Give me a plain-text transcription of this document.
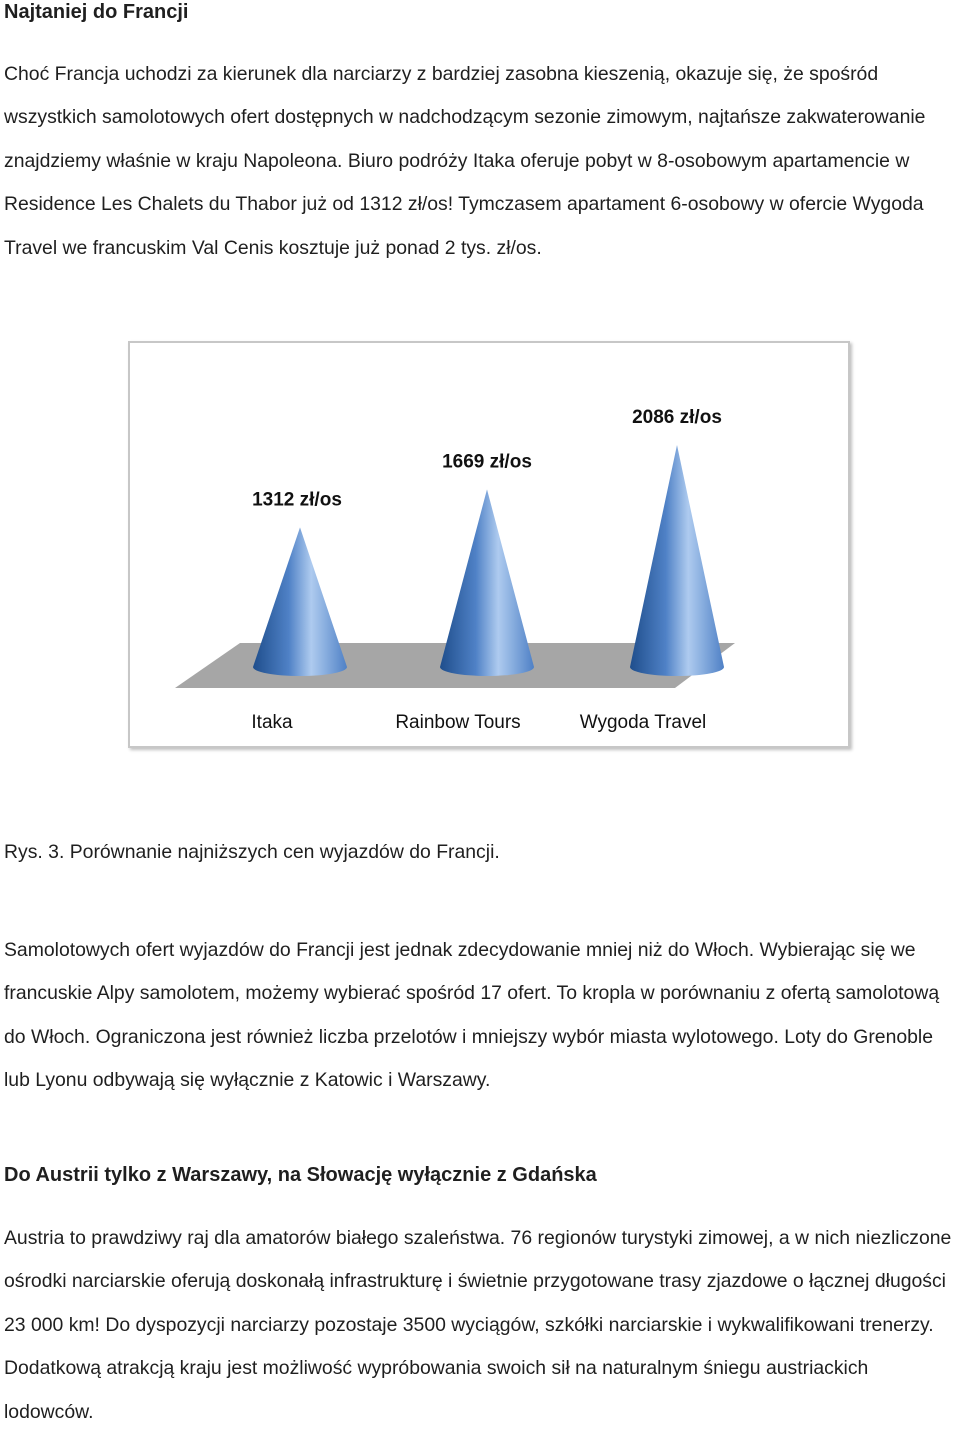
Najtaniej do Francji

Choć Francja uchodzi za kierunek dla narciarzy z bardziej zasobna kieszenią, okazuje się, że spośród wszystkich samolotowych ofert dostępnych w nadchodzącym sezonie zimowym, najtańsze zakwaterowanie znajdziemy właśnie w kraju Napoleona. Biuro podróży Itaka oferuje pobyt w 8-osobowym apartamencie w Residence Les Chalets du Thabor już od 1312 zł/os! Tymczasem apartament 6-osobowy w ofercie Wygoda Travel we francuskim Val Cenis kosztuje już ponad 2 tys. zł/os.

1312 zł/os
1669 zł/os
2086 zł/os
Itaka	Rainbow Tours	Wygoda Travel

Rys. 3. Porównanie najniższych cen wyjazdów do Francji.

Samolotowych ofert wyjazdów do Francji jest jednak zdecydowanie mniej niż do Włoch. Wybierając się we francuskie Alpy samolotem, możemy wybierać spośród 17 ofert. To kropla w porównaniu z ofertą samolotową do Włoch. Ograniczona jest również liczba przelotów i mniejszy wybór miasta wylotowego. Loty do Grenoble lub Lyonu odbywają się wyłącznie z Katowic i Warszawy.

Do Austrii tylko z Warszawy, na Słowację wyłącznie z Gdańska

Austria to prawdziwy raj dla amatorów białego szaleństwa. 76 regionów turystyki zimowej, a w nich niezliczone ośrodki narciarskie oferują doskonałą infrastrukturę i świetnie przygotowane trasy zjazdowe o łącznej długości 23 000 km! Do dyspozycji narciarzy pozostaje 3500 wyciągów, szkółki narciarskie i wykwalifikowani trenerzy. Dodatkową atrakcją kraju jest możliwość wypróbowania swoich sił na naturalnym śniegu austriackich lodowców.
